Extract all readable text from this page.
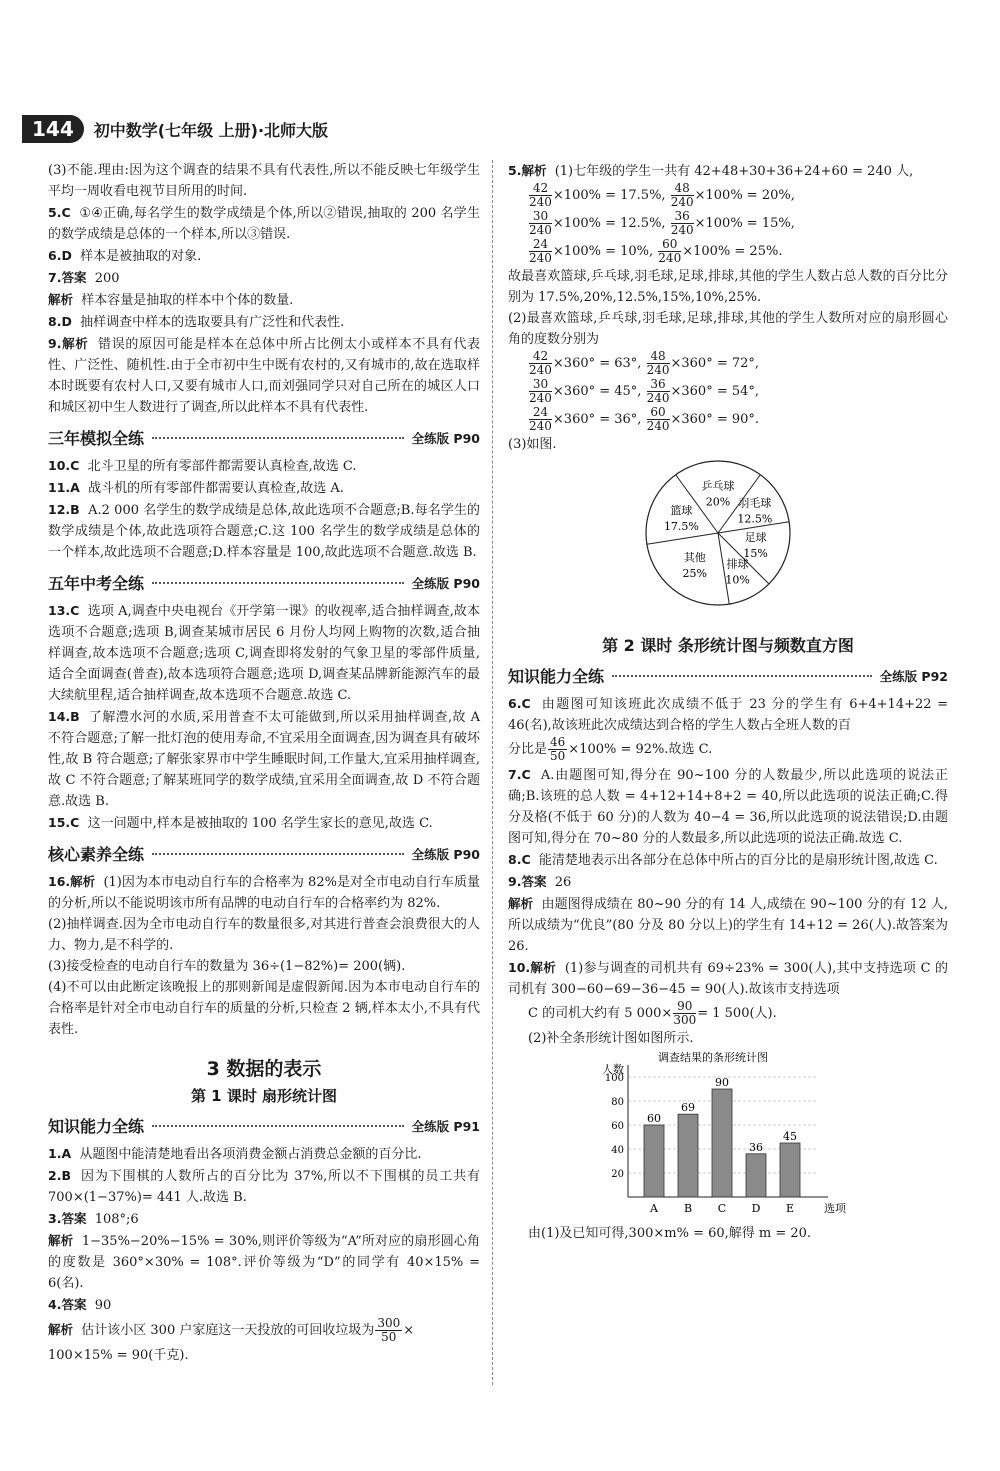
144	初中数学(七年级 上册)·北师大版

(3)不能.理由:因为这个调查的结果不具有代表性,所以不能反映七年级学生平均一周收看电视节目所用的时间.

5.C ①④正确,每名学生的数学成绩是个体,所以②错误,抽取的 200 名学生的数学成绩是总体的一个样本,所以③错误.

6.D 样本是被抽取的对象.

7.答案 200

解析 样本容量是抽取的样本中个体的数量.

8.D 抽样调查中样本的选取要具有广泛性和代表性.

9.解析 错误的原因可能是样本在总体中所占比例太小或样本不具有代表性、广泛性、随机性.由于全市初中生中既有农村的,又有城市的,故在选取样本时既要有农村人口,又要有城市人口,而刘强同学只对自己所在的城区人口和城区初中生人数进行了调查,所以此样本不具有代表性.

三年模拟全练	全练版 P90

10.C 北斗卫星的所有零部件都需要认真检查,故选 C.

11.A 战斗机的所有零部件都需要认真检查,故选 A.

12.B A.2 000 名学生的数学成绩是总体,故此选项不合题意;B.每名学生的数学成绩是个体,故此选项符合题意;C.这 100 名学生的数学成绩是总体的一个样本,故此选项不合题意;D.样本容量是 100,故此选项不合题意.故选 B.

五年中考全练	全练版 P90

13.C 选项 A,调查中央电视台《开学第一课》的收视率,适合抽样调查,故本选项不合题意;选项 B,调查某城市居民 6 月份人均网上购物的次数,适合抽样调查,故本选项不合题意;选项 C,调查即将发射的气象卫星的零部件质量,适合全面调查(普查),故本选项符合题意;选项 D,调查某品牌新能源汽车的最大续航里程,适合抽样调查,故本选项不合题意.故选 C.

14.B 了解澧水河的水质,采用普查不太可能做到,所以采用抽样调查,故 A 不符合题意;了解一批灯泡的使用寿命,不宜采用全面调查,因为调查具有破坏性,故 B 符合题意;了解张家界市中学生睡眠时间,工作量大,宜采用抽样调查,故 C 不符合题意;了解某班同学的数学成绩,宜采用全面调查,故 D 不符合题意.故选 B.

15.C 这一问题中,样本是被抽取的 100 名学生家长的意见,故选 C.

核心素养全练	全练版 P90

16.解析 (1)因为本市电动自行车的合格率为 82%是对全市电动自行车质量的分析,所以不能说明该市所有品牌的电动自行车的合格率约为 82%.

(2)抽样调查.因为全市电动自行车的数量很多,对其进行普查会浪费很大的人力、物力,是不科学的.

(3)接受检查的电动自行车的数量为 36÷(1−82%)= 200(辆).

(4)不可以由此断定该晚报上的那则新闻是虚假新闻.因为本市电动自行车的合格率是针对全市电动自行车的质量的分析,只检查 2 辆,样本太小,不具有代表性.

3 数据的表示
第 1 课时 扇形统计图
知识能力全练	全练版 P91

1.A 从题图中能清楚地看出各项消费金额占消费总金额的百分比.

2.B 因为下围棋的人数所占的百分比为 37%,所以不下围棋的员工共有 700×(1−37%)= 441 人.故选 B.

3.答案 108°;6

解析 1−35%−20%−15% = 30%,则评价等级为“A”所对应的扇形圆心角的度数是 360°×30% = 108°.评价等级为“D”的同学有 40×15% = 6(名).

4.答案 90

解析 估计该小区 300 户家庭这一天投放的可回收垃圾为 $\frac{300}{50}$ ×

100×15% = 90(千克).

5.解析 (1)七年级的学生一共有 42+48+30+36+24+60 = 240 人,

$\frac{42}{240} \times 100\% = 17.5\%$, $\frac{48}{240} \times 100\% = 20\%$,

$\frac{30}{240} \times 100\% = 12.5\%$, $\frac{36}{240} \times 100\% = 15\%$,

$\frac{24}{240} \times 100\% = 10\%$, $\frac{60}{240} \times 100\% = 25\%$.

故最喜欢篮球,乒乓球,羽毛球,足球,排球,其他的学生人数占总人数的百分比分别为 17.5%,20%,12.5%,15%,10%,25%.

(2)最喜欢篮球,乒乓球,羽毛球,足球,排球,其他的学生人数所对应的扇形圆心角的度数分别为

$\frac{42}{240} \times 360^\circ = 63^\circ$, $\frac{48}{240} \times 360^\circ = 72^\circ$,

$\frac{30}{240} \times 360^\circ = 45^\circ$, $\frac{36}{240} \times 360^\circ = 54^\circ$,

$\frac{24}{240} \times 360^\circ = 36^\circ$, $\frac{60}{240} \times 360^\circ = 90^\circ$.

(3)如图.

乒乓球
20% 羽毛球
12.5%
足球
15%
排球
10%
其他
25%
篮球
17.5%
第 2 课时 条形统计图与频数直方图
知识能力全练	全练版 P92

6.C 由题图可知该班此次成绩不低于 23 分的学生有 6+4+14+22 = 46(名),故该班此次成绩达到合格的学生人数占全班人数的百

分比是 $\frac{46}{50} \times 100\% = 92\%$.故选 C.

7.C A.由题图可知,得分在 90~100 分的人数最少,所以此选项的说法正确;B.该班的总人数 = 4+12+14+8+2 = 40,所以此选项的说法正确;C.得分及格(不低于 60 分)的人数为 40−4 = 36,所以此选项的说法错误;D.由题图可知,得分在 70~80 分的人数最多,所以此选项的说法正确.故选 C.

8.C 能清楚地表示出各部分在总体中所占的百分比的是扇形统计图,故选 C.

9.答案 26

解析 由题图得成绩在 80~90 分的有 14 人,成绩在 90~100 分的有 12 人,所以成绩为“优良”(80 分及 80 分以上)的学生有 14+12 = 26(人).故答案为 26.

10.解析 (1)参与调查的司机共有 69÷23% = 300(人),其中支持选项 C 的司机有 300−60−69−36−45 = 90(人).故该市支持选项

C 的司机大约有 5 $000\times \frac{90}{300} = 1$ 500(人).

(2)补全条形统计图如图所示.

调查结果的条形统计图
人数
20
40
60
80
100
60
A
69
B
90
C
36
D
45
E	选项

由(1)及已知可得,300×m% = 60,解得 m = 20.
